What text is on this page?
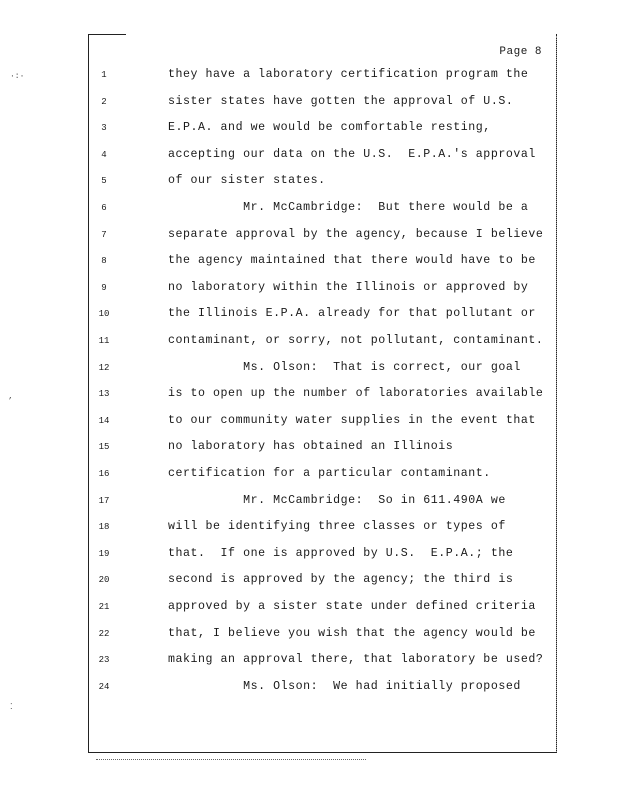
Page 8
1	they have a laboratory certification program the
2	sister states have gotten the approval of U.S.
3	E.P.A. and we would be comfortable resting,
4	accepting our data on the U.S.  E.P.A.'s approval
5	of our sister states.
6	Mr. McCambridge:  But there would be a
7	separate approval by the agency, because I believe
8	the agency maintained that there would have to be
9	no laboratory within the Illinois or approved by
10	the Illinois E.P.A. already for that pollutant or
11	contaminant, or sorry, not pollutant, contaminant.
12	Ms. Olson:  That is correct, our goal
13	is to open up the number of laboratories available
14	to our community water supplies in the event that
15	no laboratory has obtained an Illinois
16	certification for a particular contaminant.
17	Mr. McCambridge:  So in 611.490A we
18	will be identifying three classes or types of
19	that.  If one is approved by U.S.  E.P.A.; the
20	second is approved by the agency; the third is
21	approved by a sister state under defined criteria
22	that, I believe you wish that the agency would be
23	making an approval there, that laboratory be used?
24	Ms. Olson:  We had initially proposed
·:·
‚
⁚
